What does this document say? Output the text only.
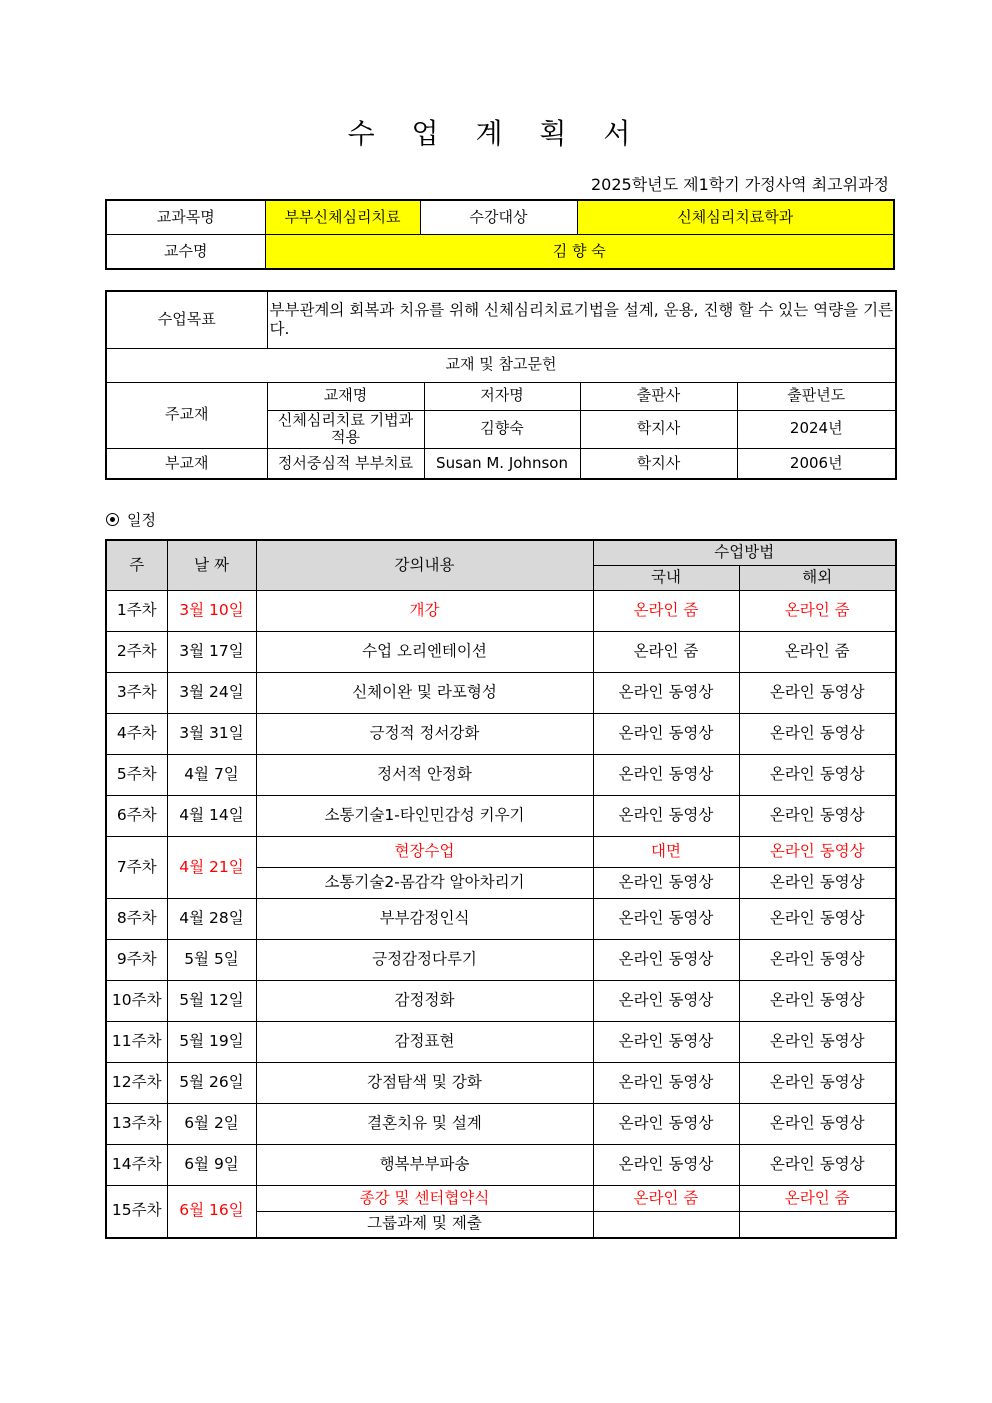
수 업 계 획 서
2025학년도 제1학기 가정사역 최고위과정
교과목명	부부신체심리치료	수강대상	신체심리치료학과
교수명	김 향 숙		
수업목표	부부관계의 회복과 치유를 위해 신체심리치료기법을 설계, 운용, 진행 할 수 있는 역량을 기른다.			
교재 및 참고문헌				
주교재	교재명	저자명	출판사	출판년도
	신체심리치료 기법과 적용	김향숙	학지사	2024년
부교재	정서중심적 부부치료	Susan M. Johnson	학지사	2006년
일정
주	날 짜	강의내용	수업방법	
			국내	해외
1주차	3월 10일	개강	온라인 줌	온라인 줌
2주차	3월 17일	수업 오리엔테이션	온라인 줌	온라인 줌
3주차	3월 24일	신체이완 및 라포형성	온라인 동영상	온라인 동영상
4주차	3월 31일	긍정적 정서강화	온라인 동영상	온라인 동영상
5주차	4월 7일	정서적 안정화	온라인 동영상	온라인 동영상
6주차	4월 14일	소통기술1-타인민감성 키우기	온라인 동영상	온라인 동영상
7주차	4월 21일	현장수업	대면	온라인 동영상
		소통기술2-몸감각 알아차리기	온라인 동영상	온라인 동영상
8주차	4월 28일	부부감정인식	온라인 동영상	온라인 동영상
9주차	5월 5일	긍정감정다루기	온라인 동영상	온라인 동영상
10주차	5월 12일	감정정화	온라인 동영상	온라인 동영상
11주차	5월 19일	감정표현	온라인 동영상	온라인 동영상
12주차	5월 26일	강점탐색 및 강화	온라인 동영상	온라인 동영상
13주차	6월 2일	결혼치유 및 설계	온라인 동영상	온라인 동영상
14주차	6월 9일	행복부부파송	온라인 동영상	온라인 동영상
15주차	6월 16일	종강 및 센터협약식	온라인 줌	온라인 줌
		그룹과제 및 제출		
